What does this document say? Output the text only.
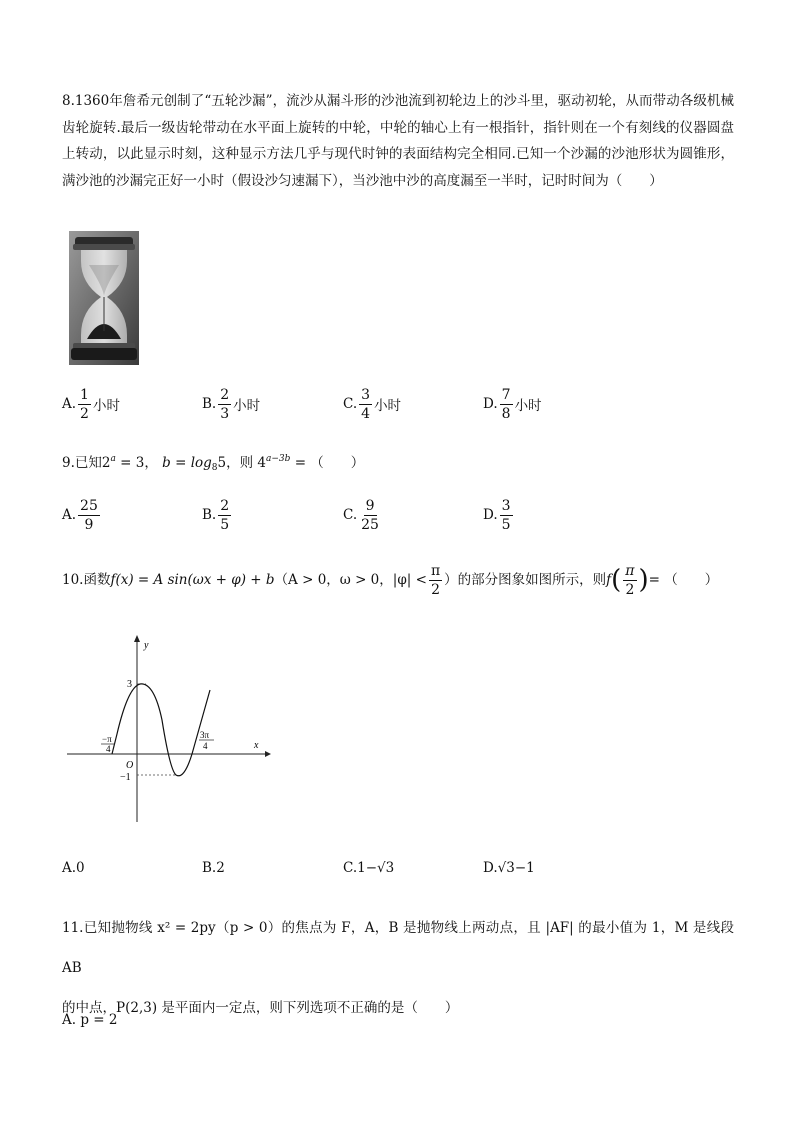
8.1360年詹希元创制了“五轮沙漏”，流沙从漏斗形的沙池流到初轮边上的沙斗里，驱动初轮，从而带动各级机械齿轮旋转.最后一级齿轮带动在水平面上旋转的中轮，中轮的轴心上有一根指针，指针则在一个有刻线的仪器圆盘上转动，以此显示时刻，这种显示方法几乎与现代时钟的表面结构完全相同.已知一个沙漏的沙池形状为圆锥形，满沙池的沙漏完正好一小时（假设沙匀速漏下），当沙池中沙的高度漏至一半时，记时时间为（　　）
A. $\frac{1}{2}$ 小时	B. $\frac{2}{3}$ 小时	C. $\frac{3}{4}$ 小时	D. $\frac{7}{8}$ 小时
9.已知$2^a = 3$， $b = \log_85$，则 $4^{a-3b}$ = （　　）
A. $\frac{25}{9}$	B. $\frac{2}{5}$	C. $\frac{9}{25}$	D. $\frac{3}{5}$
10.函数 f(x) = A sin(ωx + φ) + b （A > 0，ω > 0，$|\varphi| < \frac{\pi}{2}$ ）的部分图象如图所示，则 f ( $\frac{\pi}{2}$ ) = （　　）
y
x
O
3
−1
−π
4
3π
4
A. 0	B. 2	C. 1−√3	D. √3−1
11.已知抛物线 x² = 2py（p > 0）的焦点为 F，A，B 是抛物线上两动点，且 |AF| 的最小值为 1，M 是线段 AB
的中点，P(2,3) 是平面内一定点，则下列选项不正确的是（　　）
A. p = 2
